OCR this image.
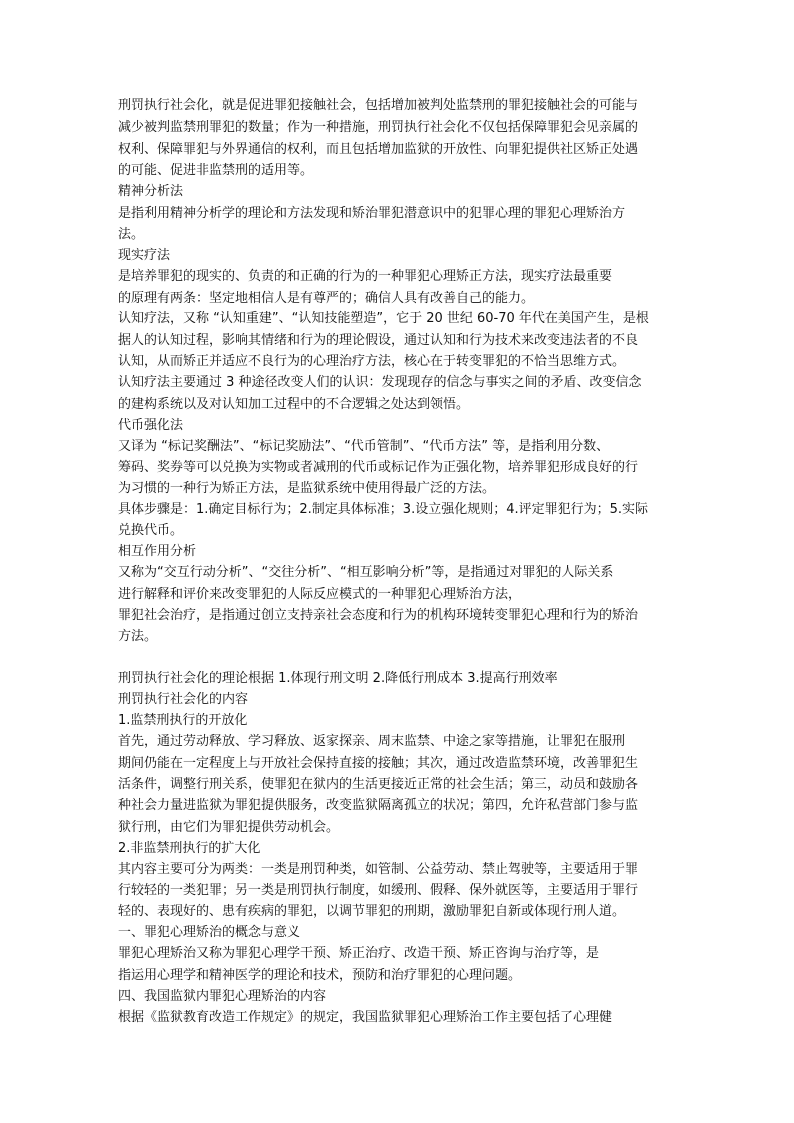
刑罚执行社会化，就是促进罪犯接触社会，包括增加被判处监禁刑的罪犯接触社会的可能与
减少被判监禁刑罪犯的数量；作为一种措施，刑罚执行社会化不仅包括保障罪犯会见亲属的
权利、保障罪犯与外界通信的权利，而且包括增加监狱的开放性、向罪犯提供社区矫正处遇
的可能、促进非监禁刑的适用等。
精神分析法
是指利用精神分析学的理论和方法发现和矫治罪犯潜意识中的犯罪心理的罪犯心理矫治方
法。
现实疗法
是培养罪犯的现实的、负责的和正确的行为的一种罪犯心理矫正方法，现实疗法最重要
的原理有两条：坚定地相信人是有尊严的；确信人具有改善自己的能力。
认知疗法，又称 “认知重建”、“认知技能塑造”，它于 20 世纪 60-70 年代在美国产生，是根
据人的认知过程，影响其情绪和行为的理论假设，通过认知和行为技术来改变违法者的不良
认知，从而矫正并适应不良行为的心理治疗方法，核心在于转变罪犯的不恰当思维方式。
认知疗法主要通过 3 种途径改变人们的认识：发现现存的信念与事实之间的矛盾、改变信念
的建构系统以及对认知加工过程中的不合逻辑之处达到领悟。
代币强化法
又译为 “标记奖酬法”、“标记奖励法”、“代币管制”、“代币方法” 等，是指利用分数、
筹码、奖券等可以兑换为实物或者减刑的代币或标记作为正强化物，培养罪犯形成良好的行
为习惯的一种行为矫正方法，是监狱系统中使用得最广泛的方法。
具体步骤是：1.确定目标行为；2.制定具体标准；3.设立强化规则；4.评定罪犯行为；5.实际
兑换代币。
相互作用分析
又称为“交互行动分析”、“交往分析”、“相互影响分析”等，是指通过对罪犯的人际关系
进行解释和评价来改变罪犯的人际反应模式的一种罪犯心理矫治方法，
罪犯社会治疗，是指通过创立支持亲社会态度和行为的机构环境转变罪犯心理和行为的矫治
方法。
刑罚执行社会化的理论根据 1.体现行刑文明 2.降低行刑成本 3.提高行刑效率
刑罚执行社会化的内容
1.监禁刑执行的开放化
首先，通过劳动释放、学习释放、返家探亲、周末监禁、中途之家等措施，让罪犯在服刑
期间仍能在一定程度上与开放社会保持直接的接触；其次，通过改造监禁环境，改善罪犯生
活条件，调整行刑关系，使罪犯在狱内的生活更接近正常的社会生活；第三，动员和鼓励各
种社会力量进监狱为罪犯提供服务，改变监狱隔离孤立的状况；第四，允许私营部门参与监
狱行刑，由它们为罪犯提供劳动机会。
2.非监禁刑执行的扩大化
其内容主要可分为两类：一类是刑罚种类，如管制、公益劳动、禁止驾驶等，主要适用于罪
行较轻的一类犯罪；另一类是刑罚执行制度，如缓刑、假释、保外就医等，主要适用于罪行
轻的、表现好的、患有疾病的罪犯，以调节罪犯的刑期，激励罪犯自新或体现行刑人道。
一、罪犯心理矫治的概念与意义
罪犯心理矫治又称为罪犯心理学干预、矫正治疗、改造干预、矫正咨询与治疗等，是
指运用心理学和精神医学的理论和技术，预防和治疗罪犯的心理问题。
四、我国监狱内罪犯心理矫治的内容
根据《监狱教育改造工作规定》的规定，我国监狱罪犯心理矫治工作主要包括了心理健
